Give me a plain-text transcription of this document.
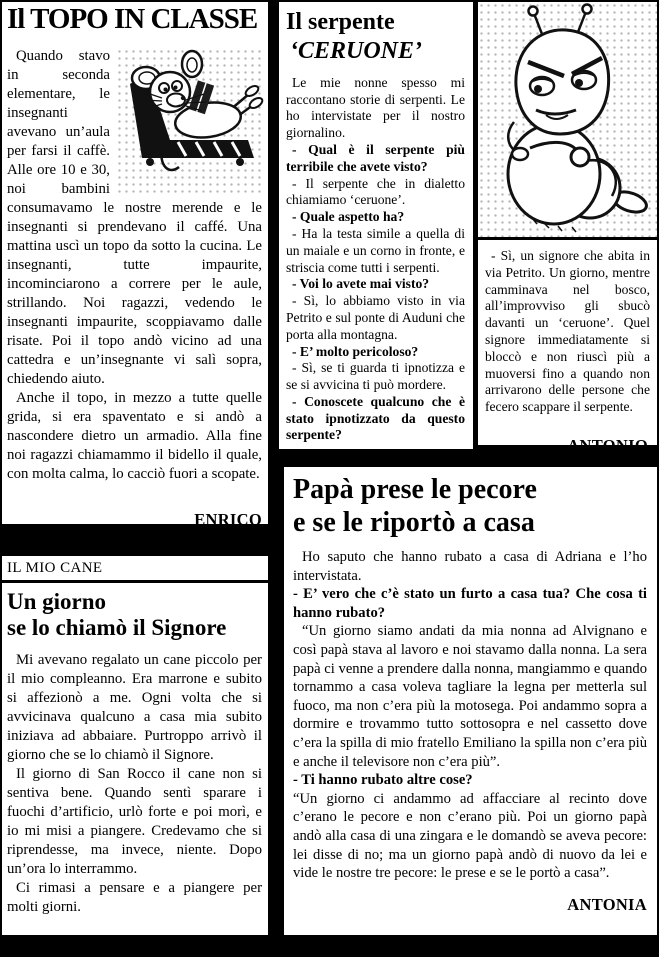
Il TOPO IN CLASSE

Quando stavo in seconda elementare, le insegnanti avevano un’aula per farsi il caffè. Alle ore 10 e 30, noi bambini consumavamo le nostre merende e le insegnanti si prendevano il caffé. Una mattina uscì un topo da sotto la cucina. Le insegnanti, tutte impaurite, incominciarono a correre per le aule, strillando. Noi ragazzi, vedendo le insegnanti impaurite, scoppiavamo dalle risate. Poi il topo andò vicino ad una cattedra e un’insegnante vi salì sopra, chiedendo aiuto.

Anche il topo, in mezzo a tutte quelle grida, si era spaventato e si andò a nascondere dietro un armadio. Alla fine noi ragazzi chiamammo il bidello il quale, con molta calma, lo cacciò fuori a scopate.

ENRICO
Il serpente
‘CERUONE’

Le mie nonne spesso mi raccontano storie di serpenti. Le ho intervistate per il nostro giornalino.

- Qual è il serpente più terribile che avete visto?

- Il serpente che in dialetto chiamiamo ‘ceruone’.

- Quale aspetto ha?

- Ha la testa simile a quella di un maiale e un corno in fronte, e striscia come tutti i serpenti.

- Voi lo avete mai visto?

- Sì, lo abbiamo visto in via Petrito e sul ponte di Auduni che porta alla montagna.

- E’ molto pericoloso?

- Sì, se ti guarda ti ipnotizza e se si avvicina ti può mordere.

- Conoscete qualcuno che è stato ipnotizzato da questo serpente?

- Sì, un signore che abita in via Petrito. Un giorno, mentre camminava nel bosco, all’improvviso gli sbucò davanti un ‘ceruone’. Quel signore immediatamente si bloccò e non riuscì più a muoversi fino a quando non arrivarono delle persone che fecero scappare il serpente.

ANTONIO
IL MIO CANE
Un giorno
se lo chiamò il Signore

Mi avevano regalato un cane piccolo per il mio compleanno. Era marrone e subito si affezionò a me. Ogni volta che si avvicinava qualcuno a casa mia subito iniziava ad abbaiare. Purtroppo arrivò il giorno che se lo chiamò il Signore.

Il giorno di San Rocco il cane non si sentiva bene. Quando sentì sparare i fuochi d’artificio, urlò forte e poi morì, e io mi misi a piangere. Credevamo che si riprendesse, ma invece, niente. Dopo un’ora lo interrammo.

Ci rimasi a pensare e a piangere per molti giorni.

SEFORA
Papà prese le pecore
e se le riportò a casa

Ho saputo che hanno rubato a casa di Adriana e l’ho intervistata.

- E’ vero che c’è stato un furto a casa tua? Che cosa ti hanno rubato?

“Un giorno siamo andati da mia nonna ad Alvignano e così papà stava al lavoro e noi stavamo dalla nonna. La sera papà ci venne a prendere dalla nonna, mangiammo e quando tornammo a casa voleva tagliare la legna per metterla sul fuoco, ma non c’era più la motosega. Poi andammo sopra a dormire e trovammo tutto sottosopra e nel cassetto dove c’era la spilla di mio fratello Emiliano la spilla non c’era più e anche il televisore non c’era più”.

- Ti hanno rubato altre cose?

“Un giorno ci andammo ad affacciare al recinto dove c’erano le pecore e non c’erano più. Poi un giorno papà andò alla casa di una zingara e le domandò se aveva pecore: lei disse di no; ma un giorno papà andò di nuovo da lei e vide le nostre tre pecore: le prese e se le portò a casa”.

ANTONIA
